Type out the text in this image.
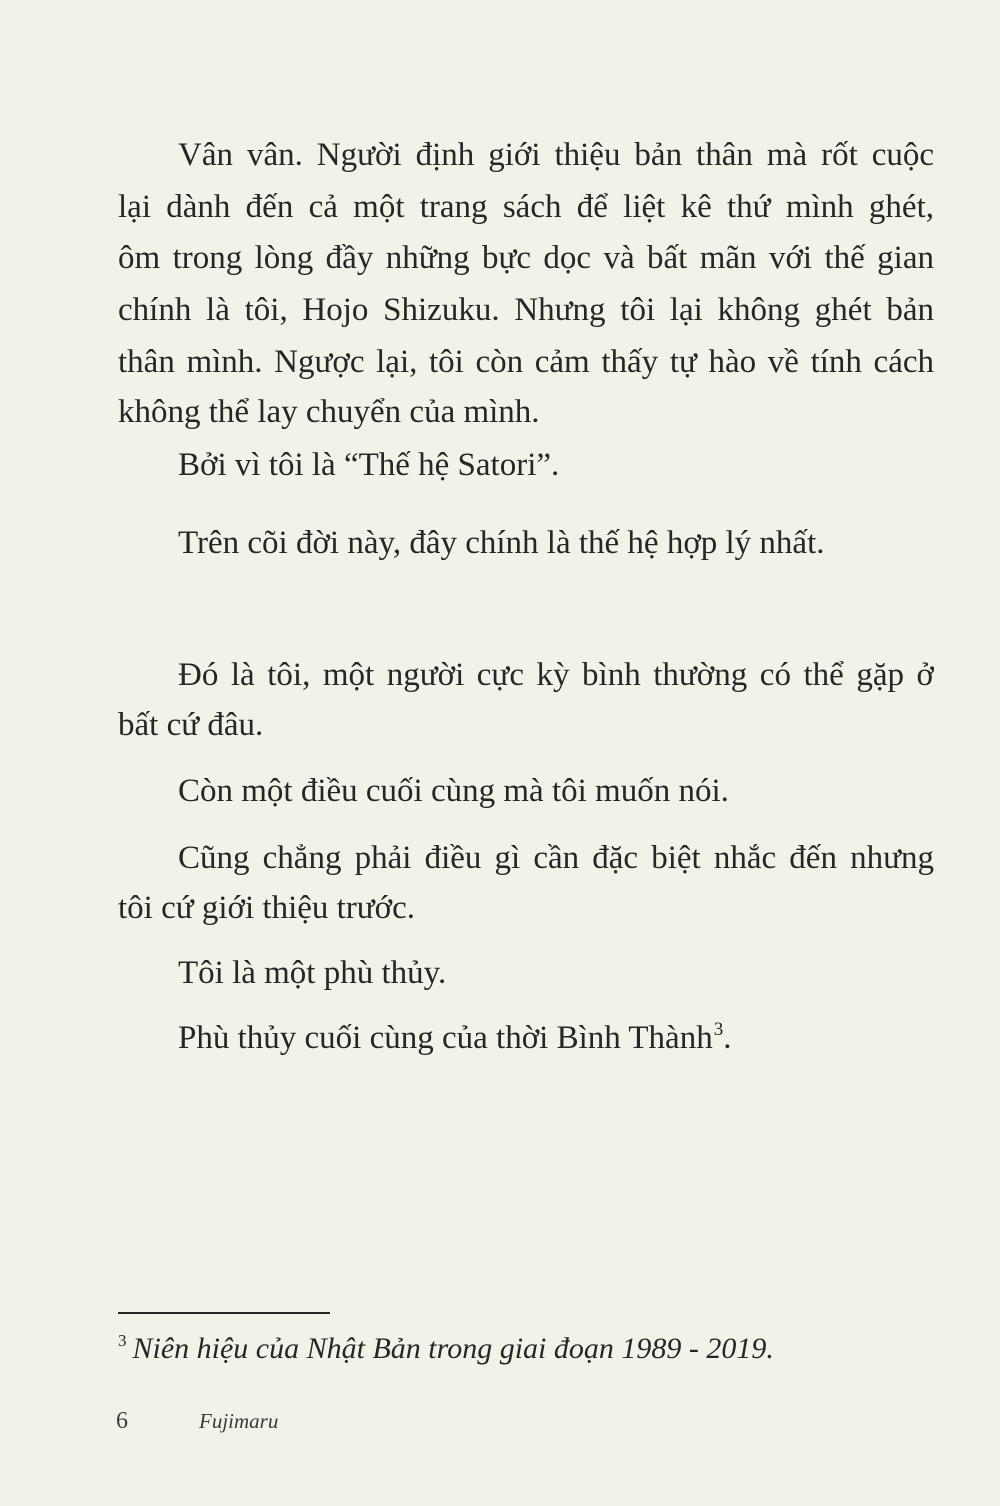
Vân vân. Người định giới thiệu bản thân mà rốt cuộc
lại dành đến cả một trang sách để liệt kê thứ mình ghét,
ôm trong lòng đầy những bực dọc và bất mãn với thế gian
chính là tôi, Hojo Shizuku. Nhưng tôi lại không ghét bản
thân mình. Ngược lại, tôi còn cảm thấy tự hào về tính cách
không thể lay chuyển của mình.
Bởi vì tôi là “Thế hệ Satori”.
Trên cõi đời này, đây chính là thế hệ hợp lý nhất.
Đó là tôi, một người cực kỳ bình thường có thể gặp ở
bất cứ đâu.
Còn một điều cuối cùng mà tôi muốn nói.
Cũng chẳng phải điều gì cần đặc biệt nhắc đến nhưng
tôi cứ giới thiệu trước.
Tôi là một phù thủy.
Phù thủy cuối cùng của thời Bình Thành$^3$.
$^3$ Niên hiệu của Nhật Bản trong giai đoạn 1989 - 2019.
6	Fujimaru
